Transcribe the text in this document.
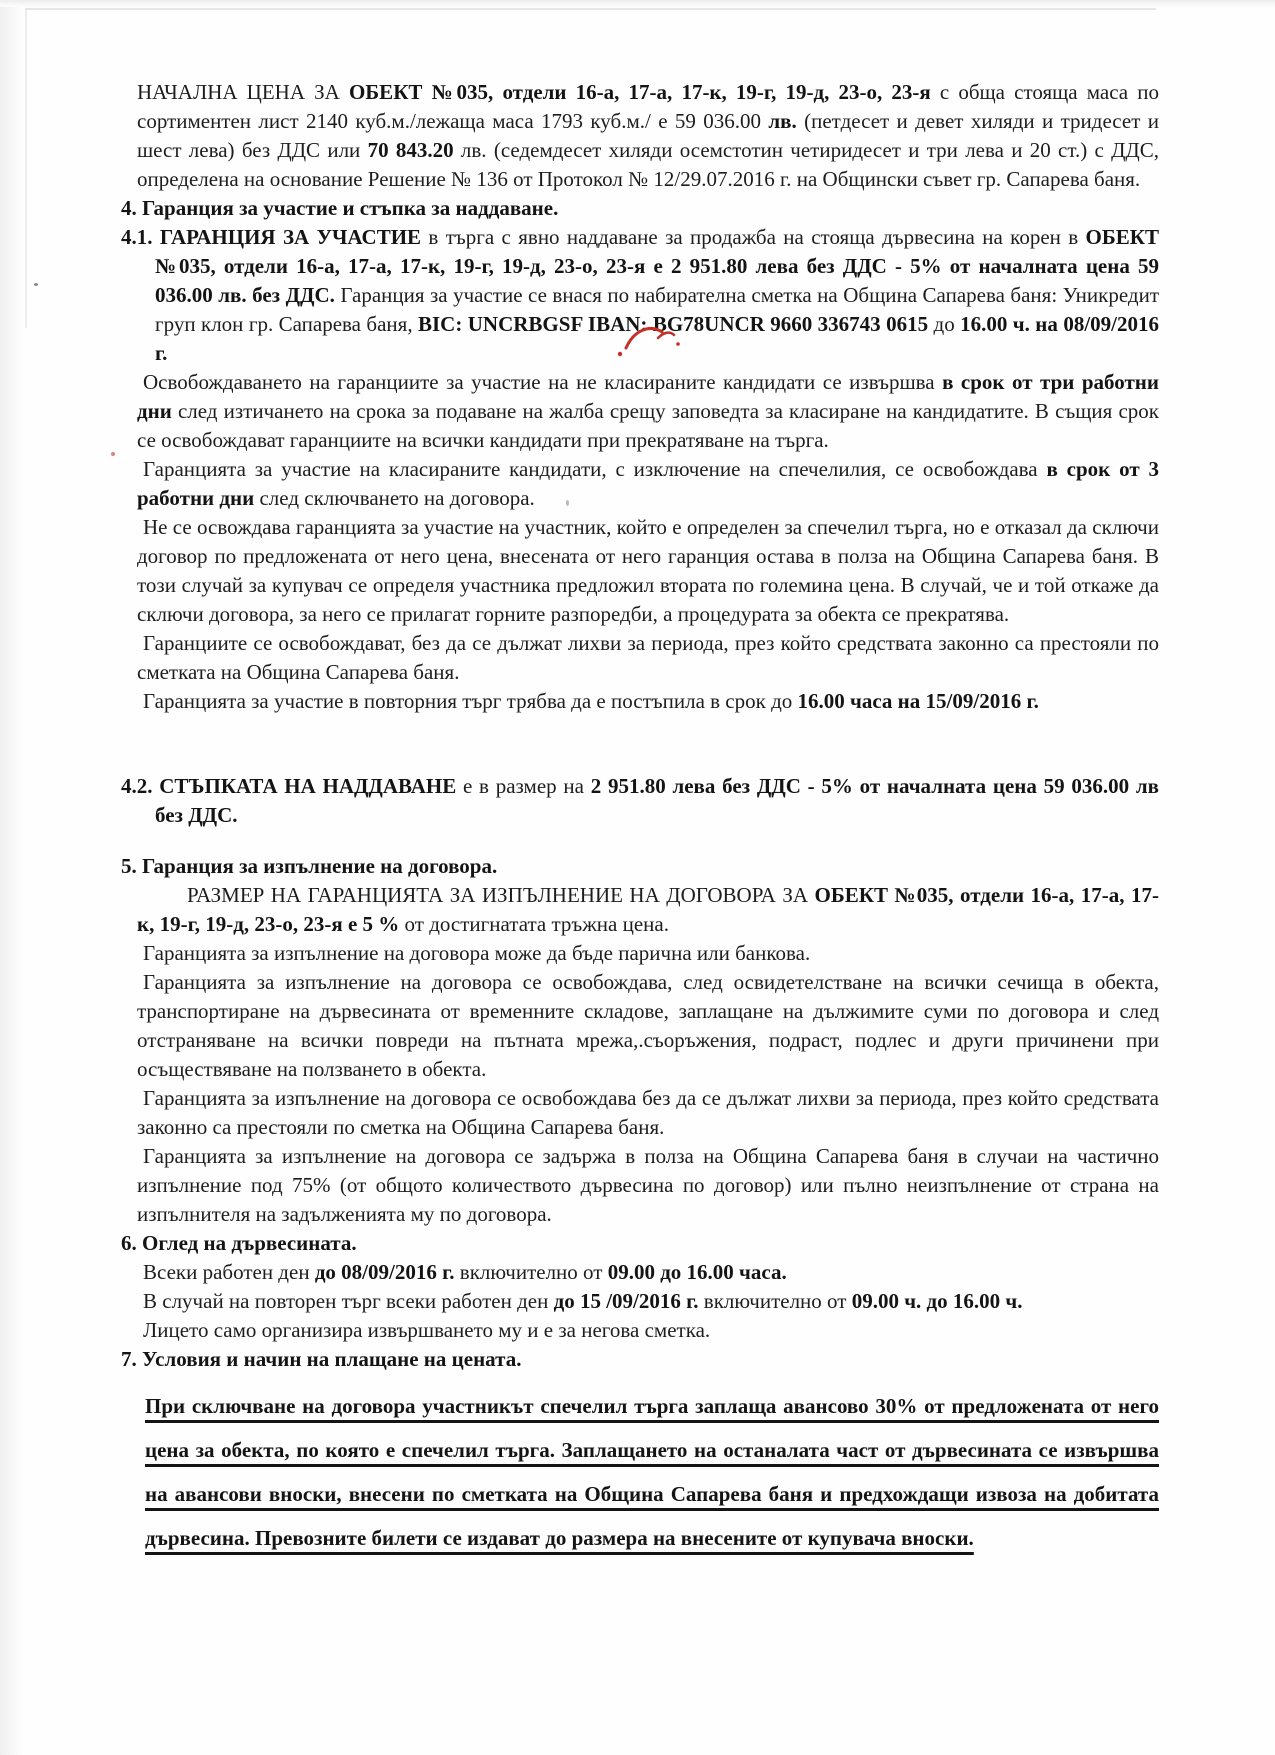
НАЧАЛНА ЦЕНА ЗА ОБЕКТ №035, отдели 16-а, 17-а, 17-к, 19-г, 19-д, 23-о, 23-я с обща стояща маса по сортиментен лист 2140 куб.м./лежаща маса 1793 куб.м./ е 59 036.00 лв. (петдесет и девет хиляди и тридесет и шест лева) без ДДС или 70 843.20 лв. (седемдесет хиляди осемстотин четиридесет и три лева и 20 ст.) с ДДС, определена на основание Решение № 136 от Протокол № 12/29.07.2016 г. на Общински съвет гр. Сапарева баня.

4. Гаранция за участие и стъпка за наддаване.

4.1. ГАРАНЦИЯ ЗА УЧАСТИЕ в търга с явно наддаване за продажба на стояща дървесина на корен в ОБЕКТ №035, отдели 16-а, 17-а, 17-к, 19-г, 19-д, 23-о, 23-я е 2 951.80 лева без ДДС - 5% от началната цена 59 036.00 лв. без ДДС. Гаранция за участие се внася по набирателна сметка на Община Сапарева баня: Уникредит груп клон гр. Сапарева баня, BIC: UNCRBGSF IBAN: BG78UNCR 9660 336743 0615 до 16.00 ч. на 08/09/2016 г.

Освобождаването на гаранциите за участие на не класираните кандидати се извършва в срок от три работни дни след изтичането на срока за подаване на жалба срещу заповедта за класиране на кандидатите. В същия срок се освобождават гаранциите на всички кандидати при прекратяване на търга.

Гаранцията за участие на класираните кандидати, с изключение на спечелилия, се освобождава в срок от 3 работни дни след сключването на договора.

Не се освождава гаранцията за участие на участник, който е определен за спечелил търга, но е отказал да сключи договор по предложената от него цена, внесената от него гаранция остава в полза на Община Сапарева баня. В този случай за купувач се определя участника предложил втората по големина цена. В случай, че и той откаже да сключи договора, за него се прилагат горните разпоредби, а процедурата за обекта се прекратява.

Гаранциите се освобождават, без да се дължат лихви за периода, през който средствата законно са престояли по сметката на Община Сапарева баня.

Гаранцията за участие в повторния търг трябва да е постъпила в срок до 16.00 часа на 15/09/2016 г.

4.2. СТЪПКАТА НА НАДДАВАНЕ е в размер на 2 951.80 лева без ДДС - 5% от началната цена 59 036.00 лв без ДДС.

5. Гаранция за изпълнение на договора.

РАЗМЕР НА ГАРАНЦИЯТА ЗА ИЗПЪЛНЕНИЕ НА ДОГОВОРА ЗА ОБЕКТ №035, отдели 16-а, 17-а, 17-к, 19-г, 19-д, 23-о, 23-я е 5 % от достигнатата тръжна цена.

Гаранцията за изпълнение на договора може да бъде парична или банкова.

Гаранцията за изпълнение на договора се освобождава, след освидетелстване на всички сечища в обекта, транспортиране на дървесината от временните складове, заплащане на дължимите суми по договора и след отстраняване на всички повреди на пътната мрежа,.съоръжения, подраст, подлес и други причинени при осъществяване на ползването в обекта.

Гаранцията за изпълнение на договора се освобождава без да се дължат лихви за периода, през който средствата законно са престояли по сметка на Община Сапарева баня.

Гаранцията за изпълнение на договора се задържа в полза на Община Сапарева баня в случаи на частично изпълнение под 75% (от общото количеството дървесина по договор) или пълно неизпълнение от страна на изпълнителя на задълженията му по договора.

6. Оглед на дървесината.

Всеки работен ден до 08/09/2016 г. включително от 09.00 до 16.00 часа.

В случай на повторен търг всеки работен ден до 15 /09/2016 г. включително от 09.00 ч. до 16.00 ч.

Лицето само организира извършването му и е за негова сметка.

7. Условия и начин на плащане на цената.

При сключване на договора участникът спечелил търга заплаща авансово 30% от предложената от него цена за обекта, по която е спечелил търга. Заплащането на останалата част от дървесината се извършва на авансови вноски, внесени по сметката на Община Сапарева баня и предхождащи извоза на добитата дървесина. Превозните билети се издават до размера на внесените от купувача вноски.
